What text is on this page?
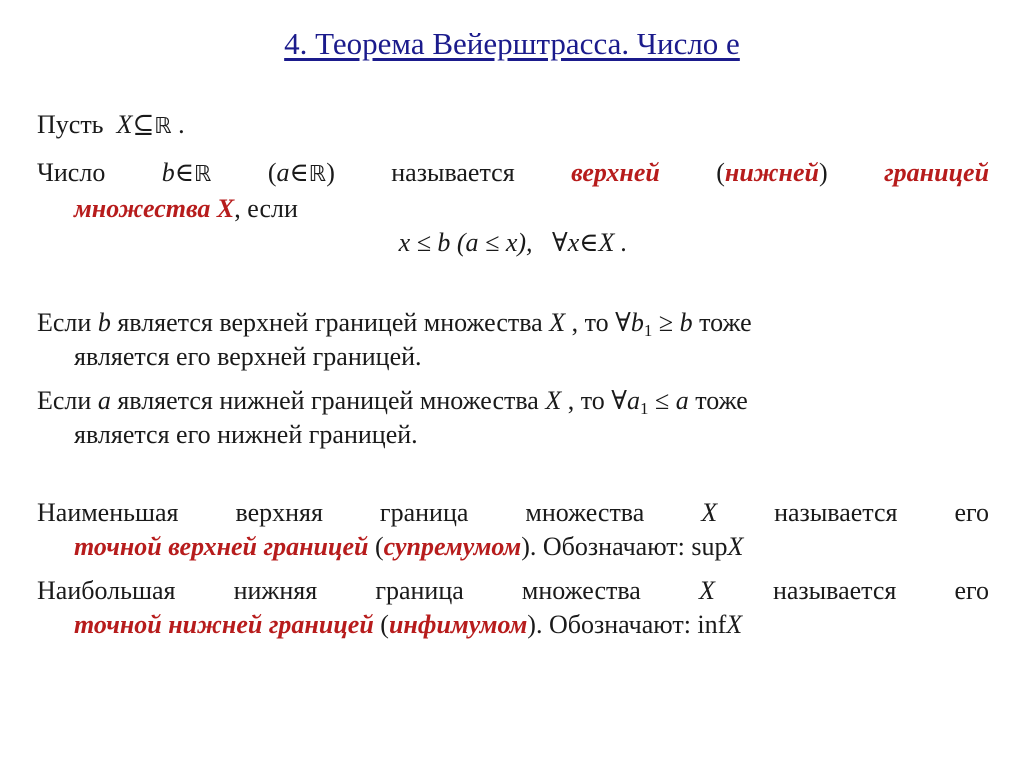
4. Теорема Вейерштрасса. Число е

Пусть X⊆ℝ .

Число b∈ℝ (a∈ℝ) называется верхней (нижней) границей

множества X, если

x ≤ b (a ≤ x),   ∀x∈X .

Если b является верхней границей множества X , то $\forall b_1 \ge b$ тоже

является его верхней границей.

Если a является нижней границей множества X , то $\forall a_1 \le a$ тоже

является его нижней границей.

Наименьшая верхняя граница множества X называется его

точной верхней границей (супремумом). Обозначают: supX

Наибольшая нижняя граница множества X называется его

точной нижней границей (инфимумом). Обозначают: infX
